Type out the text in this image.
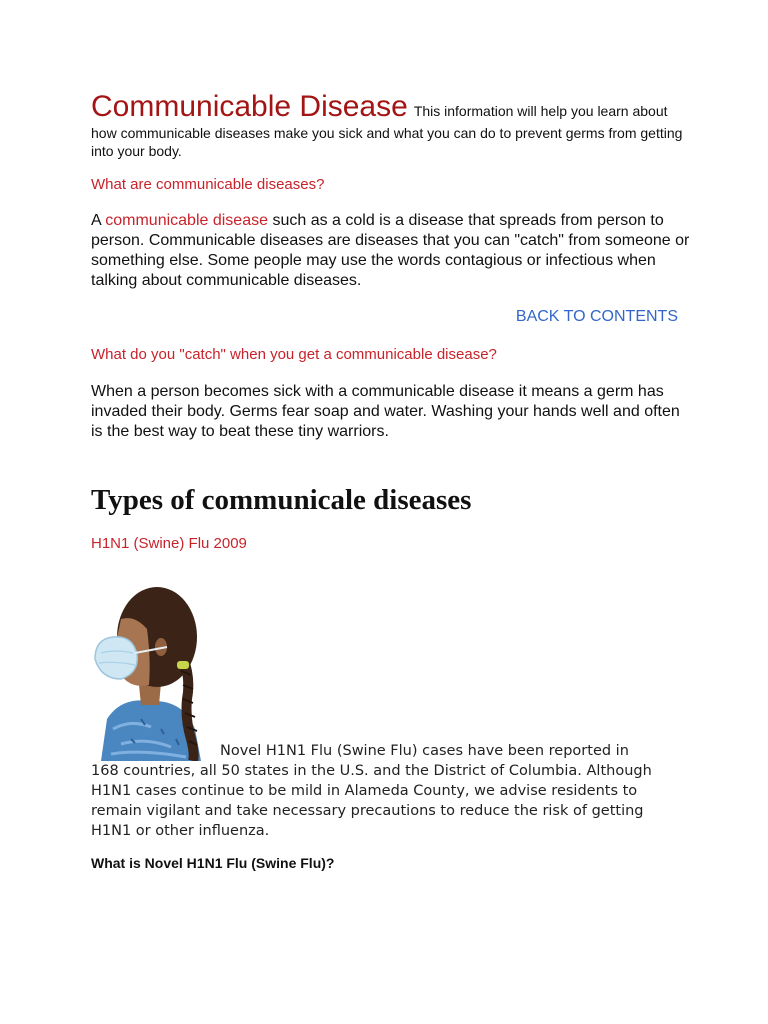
Communicable Disease This information will help you learn about how communicable diseases make you sick and what you can do to prevent germs from getting into your body.

What are communicable diseases?

A communicable disease such as a cold is a disease that spreads from person to person. Communicable diseases are diseases that you can "catch" from someone or something else. Some people may use the words contagious or infectious when talking about communicable diseases.

BACK TO CONTENTS

What do you "catch" when you get a communicable disease?

When a person becomes sick with a communicable disease it means a germ has invaded their body. Germs fear soap and water. Washing your hands well and often is the best way to beat these tiny warriors.

Types of communicale diseases

H1N1 (Swine) Flu 2009

Novel H1N1 Flu (Swine Flu) cases have been reported in

168 countries, all 50 states in the U.S. and the District of Columbia. Although H1N1 cases continue to be mild in Alameda County, we advise residents to remain vigilant and take necessary precautions to reduce the risk of getting H1N1 or other influenza.

What is Novel H1N1 Flu (Swine Flu)?
